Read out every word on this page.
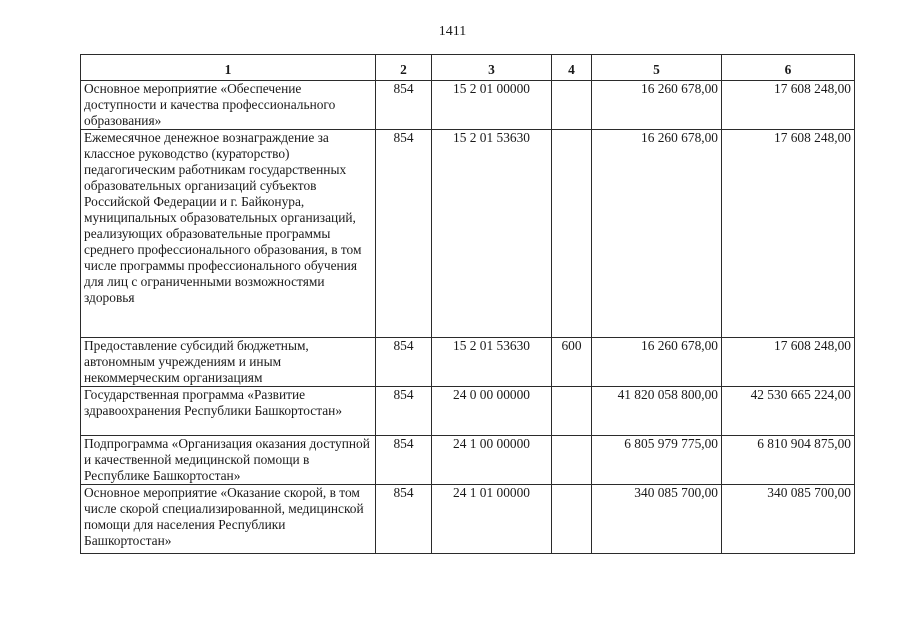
1411
1	2	3	4	5	6
Основное мероприятие «Обеспечение доступности и качества профессионального образования»	854	15 2 01 00000		16 260 678,00	17 608 248,00
Ежемесячное денежное вознаграждение за классное руководство (кураторство) педагогическим работникам государственных образовательных организаций субъектов Российской Федерации и г. Байконура, муниципальных образовательных организаций, реализующих образовательные программы среднего профессионального образования, в том числе программы профессионального обучения для лиц с ограниченными возможностями здоровья	854	15 2 01 53630		16 260 678,00	17 608 248,00
Предоставление субсидий бюджетным, автономным учреждениям и иным некоммерческим организациям	854	15 2 01 53630	600	16 260 678,00	17 608 248,00
Государственная программа «Развитие здравоохранения Республики Башкортостан»	854	24 0 00 00000		41 820 058 800,00	42 530 665 224,00
Подпрограмма «Организация оказания доступной и качественной медицинской помощи в Республике Башкортостан»	854	24 1 00 00000		6 805 979 775,00	6 810 904 875,00
Основное мероприятие «Оказание скорой, в том числе скорой специализированной, медицинской помощи для населения Республики Башкортостан»	854	24 1 01 00000		340 085 700,00	340 085 700,00
